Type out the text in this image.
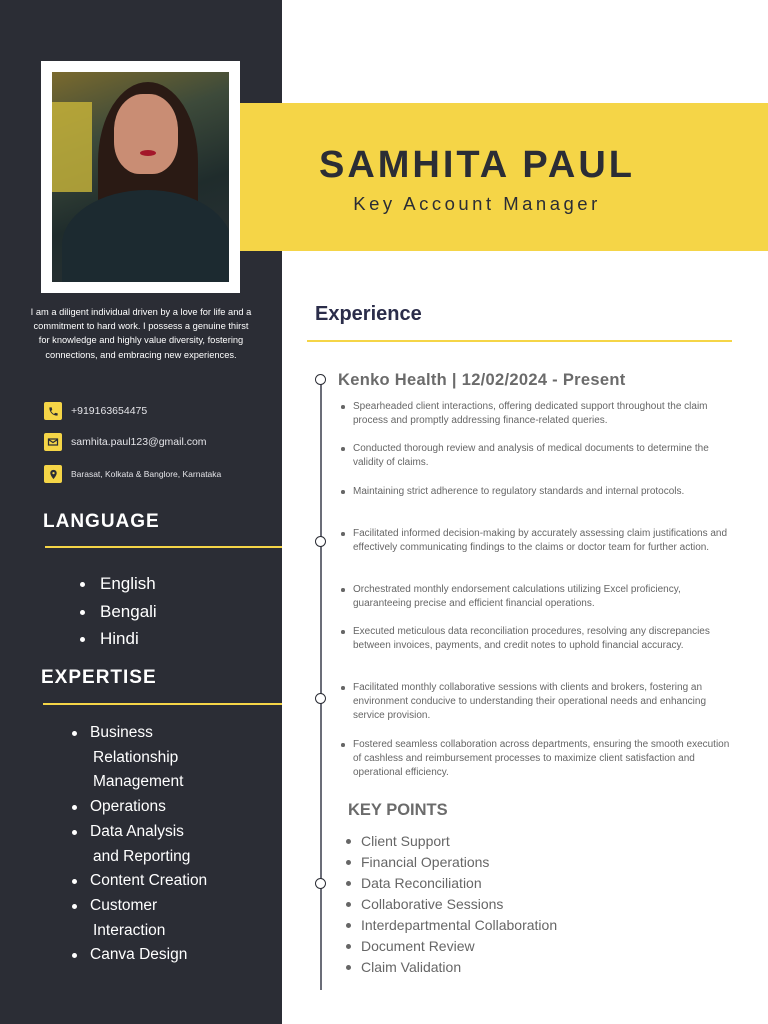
I am a diligent individual driven by a love for life and a commitment to hard work. I possess a genuine thirst for knowledge and highly value diversity, fostering connections, and embracing new experiences.
+919163654475
samhita.paul123@gmail.com
Barasat, Kolkata & Banglore, Karnataka
LANGUAGE
English
Bengali
Hindi
EXPERTISE
Business
Relationship
Management
Operations
Data Analysis
and Reporting
Content Creation
Customer
Interaction
Canva Design
SAMHITA PAUL
Key Account Manager
Experience
Kenko Health | 12/02/2024 - Present
Spearheaded client interactions, offering dedicated support throughout the claim process and promptly addressing finance-related queries.
Conducted thorough review and analysis of medical documents to determine the validity of claims.
Maintaining strict adherence to regulatory standards and internal protocols.
Facilitated informed decision-making by accurately assessing claim justifications and effectively communicating findings to the claims or doctor team for further action.
Orchestrated monthly endorsement calculations utilizing Excel proficiency, guaranteeing precise and efficient financial operations.
Executed meticulous data reconciliation procedures, resolving any discrepancies between invoices, payments, and credit notes to uphold financial accuracy.
Facilitated monthly collaborative sessions with clients and brokers, fostering an environment conducive to understanding their operational needs and enhancing service provision.
Fostered seamless collaboration across departments, ensuring the smooth execution of cashless and reimbursement processes to maximize client satisfaction and operational efficiency.
KEY POINTS
Client Support
Financial Operations
Data Reconciliation
Collaborative Sessions
Interdepartmental Collaboration
Document Review
Claim Validation
